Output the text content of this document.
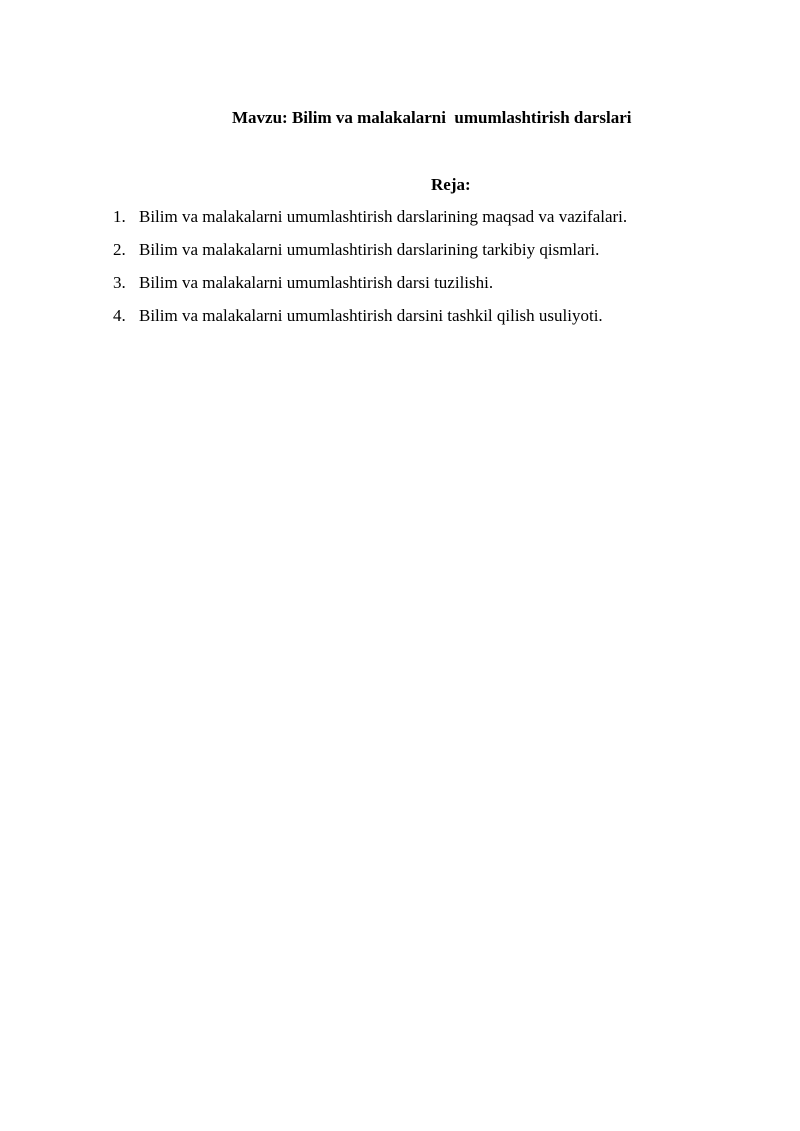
Mavzu: Bilim va malakalarni  umumlashtirish darslari
Reja:
1. Bilim va malakalarni umumlashtirish darslarining maqsad va vazifalari.
2. Bilim va malakalarni umumlashtirish darslarining tarkibiy qismlari.
3. Bilim va malakalarni umumlashtirish darsi tuzilishi.
4. Bilim va malakalarni umumlashtirish darsini tashkil qilish usuliyoti.
